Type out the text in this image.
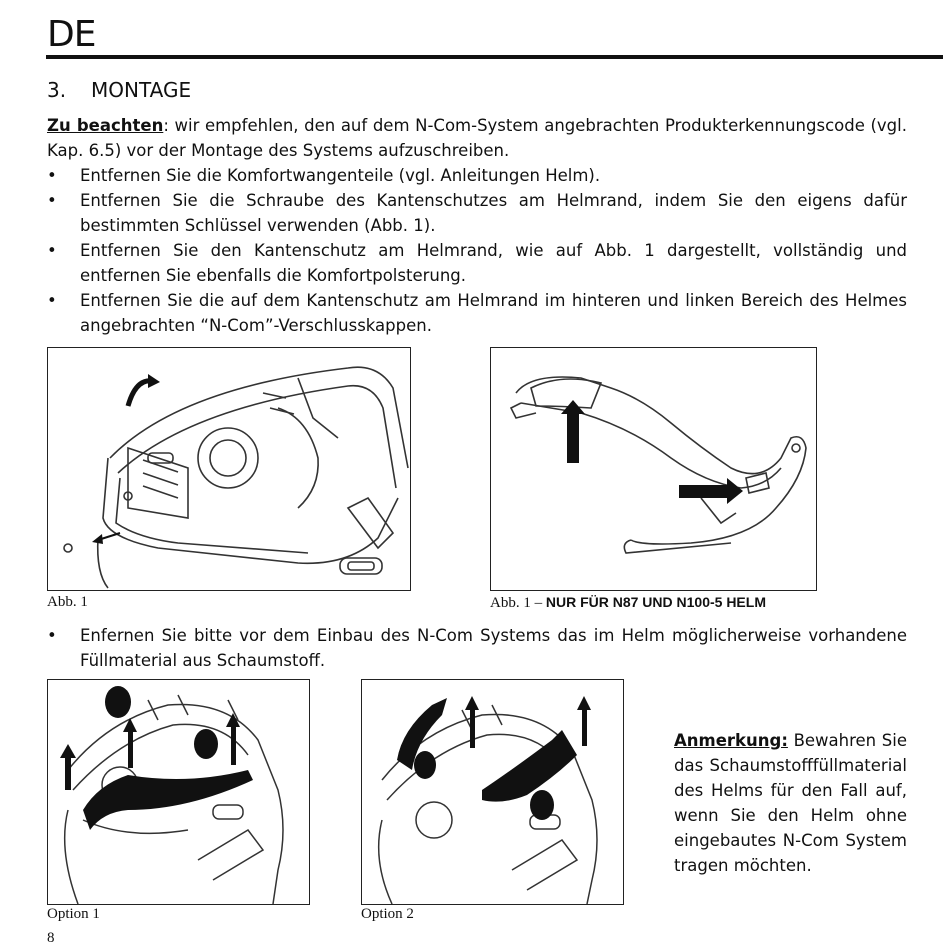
DE
3. MONTAGE
Zu beachten: wir empfehlen, den auf dem N-Com-System angebrachten Produkterkennungscode (vgl. Kap. 6.5) vor der Montage des Systems aufzuschreiben.
•	Entfernen Sie die Komfortwangenteile (vgl. Anleitungen Helm).
•	Entfernen Sie die Schraube des Kantenschutzes am Helmrand, indem Sie den eigens dafür bestimmten Schlüssel verwenden (Abb. 1).
•	Entfernen Sie den Kantenschutz am Helmrand, wie auf Abb. 1 dargestellt, vollständig und entfernen Sie ebenfalls die Komfortpolsterung.
•	Entfernen Sie die auf dem Kantenschutz am Helmrand im hinteren und linken Bereich des Helmes angebrachten “N-Com”-Verschlusskappen.
Abb. 1	Abb. 1 – NUR FÜR N87 UND N100-5 HELM
•	Enfernen Sie bitte vor dem Einbau des N-Com Systems das im Helm möglicherweise vorhandene Füllmaterial aus Schaumstoff.
Option 1	Option 2
Anmerkung: Bewahren Sie das Schaumstofffüllmaterial des Helms für den Fall auf, wenn Sie den Helm ohne eingebautes N-Com System tragen möchten.
8
